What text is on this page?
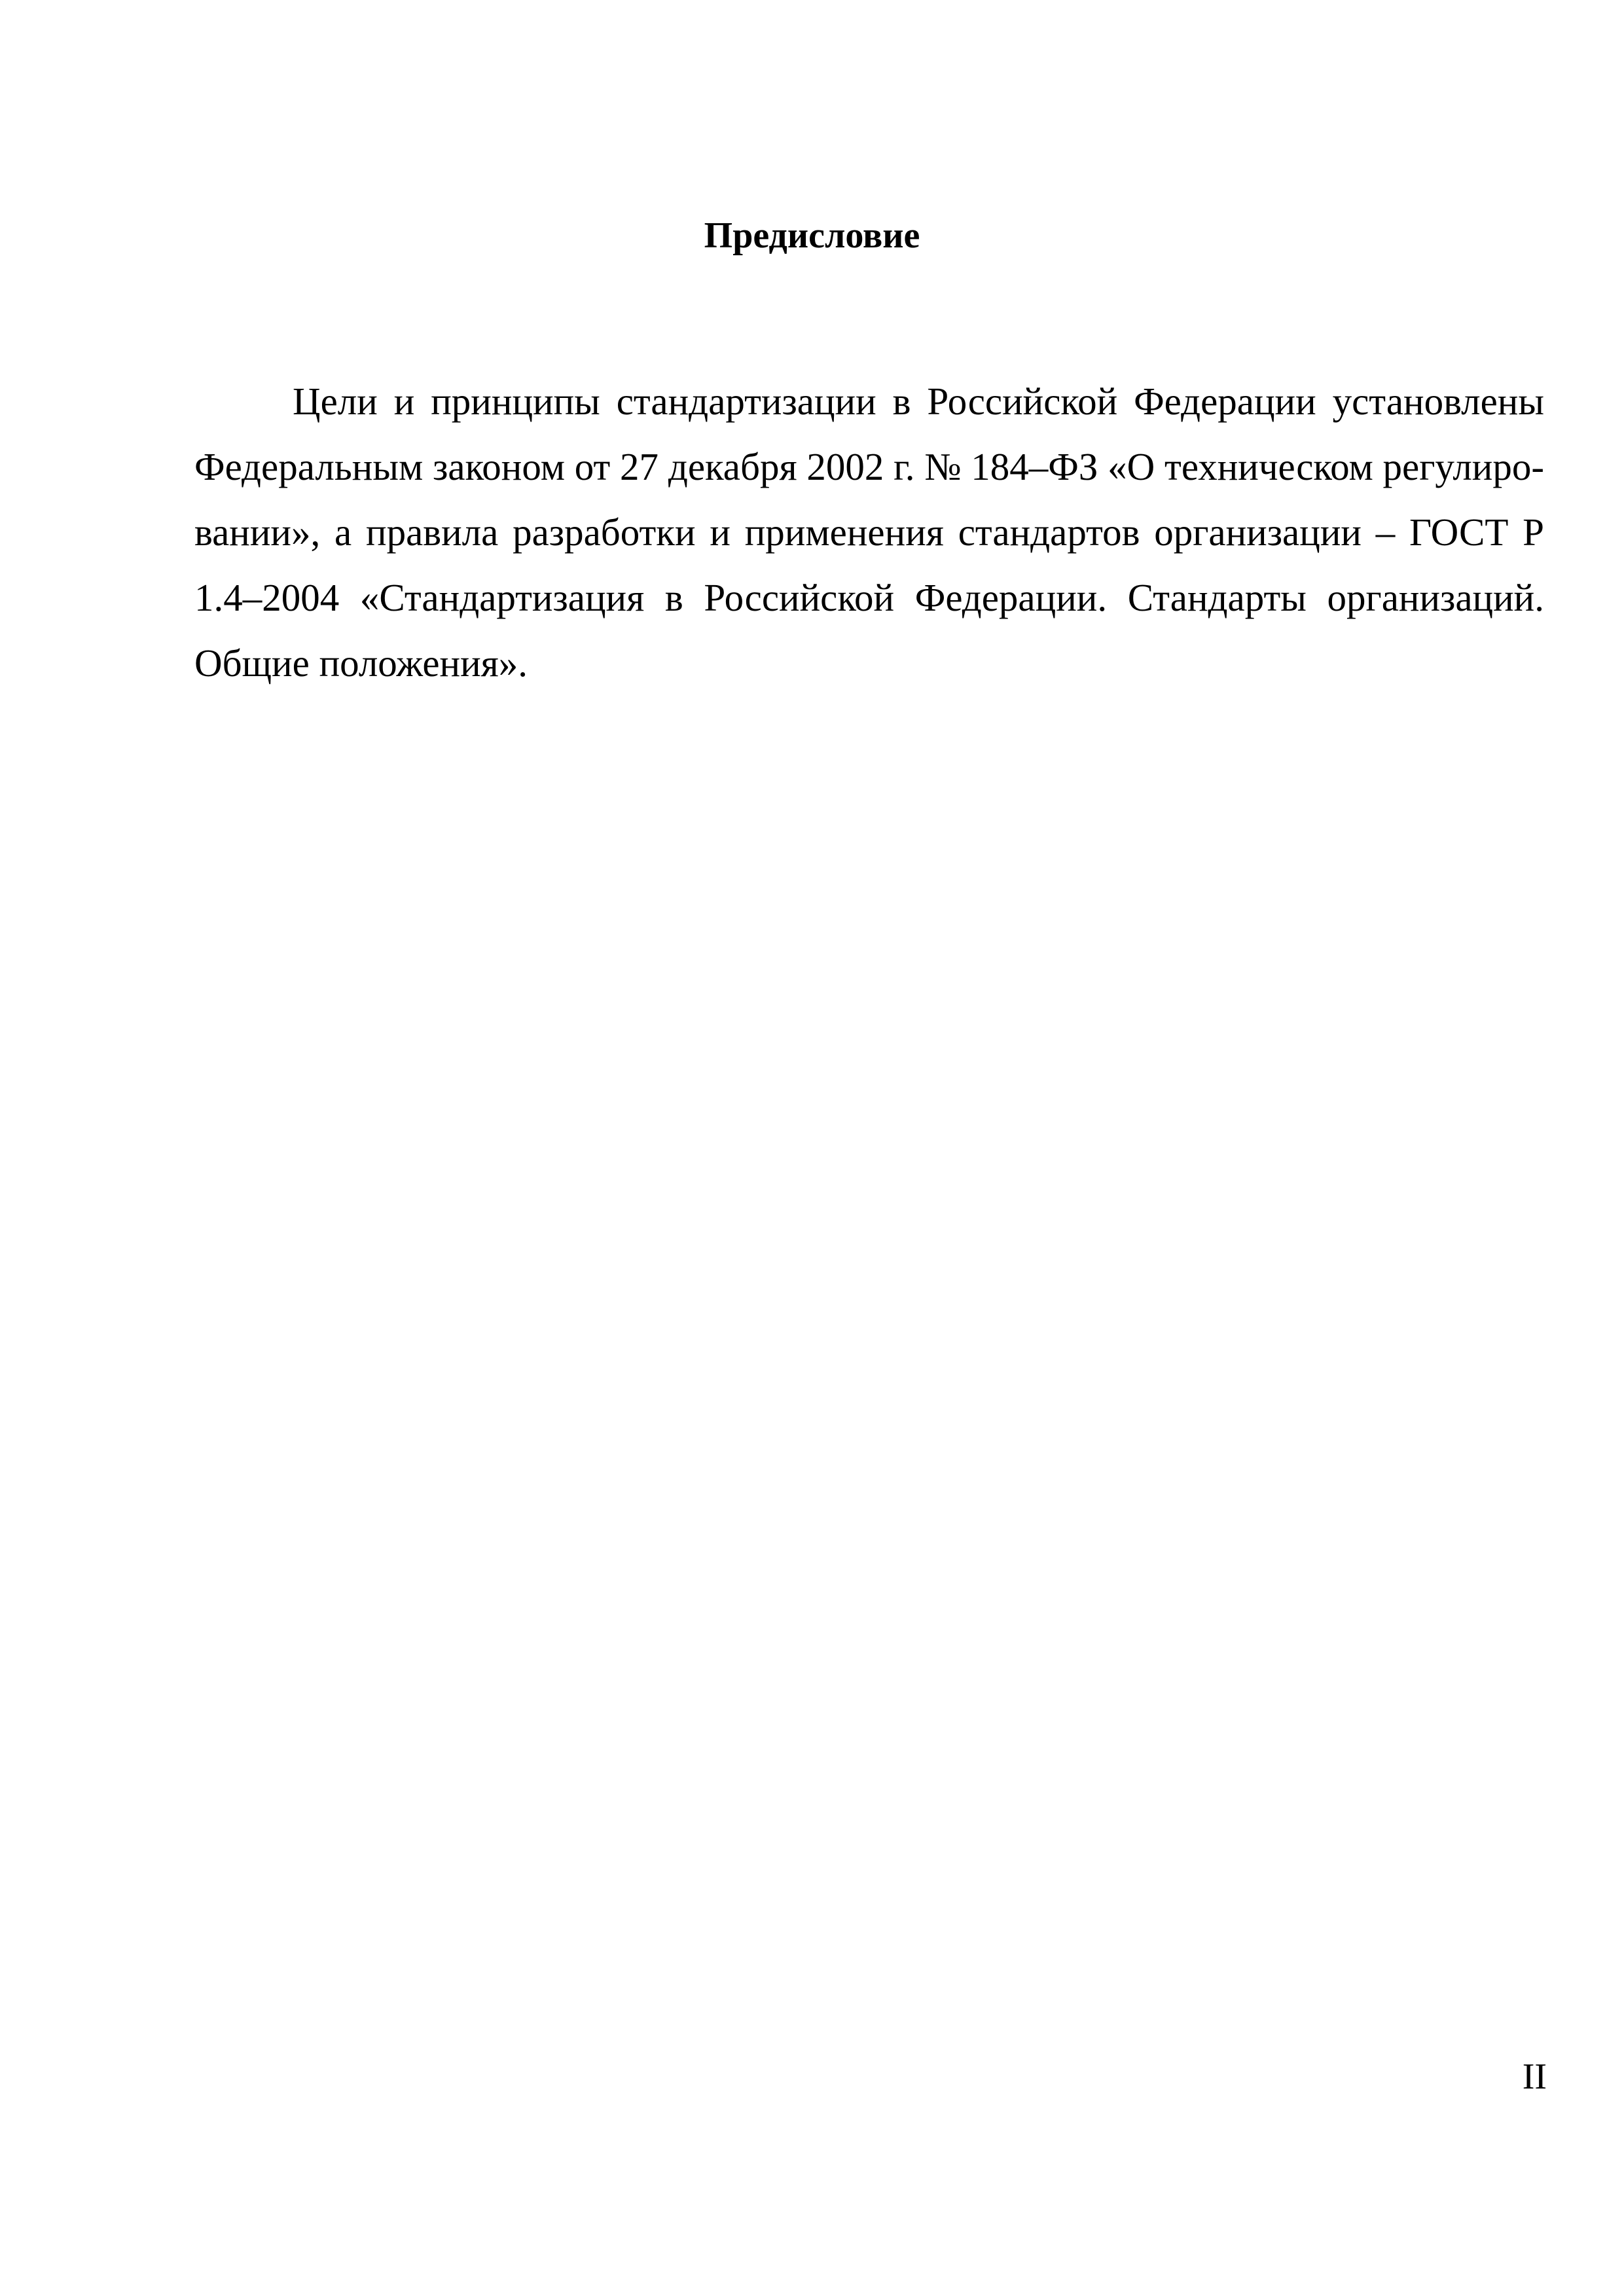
Предисловие
Цели и принципы стандартизации в Российской Федерации установлены
Федеральным законом от 27 декабря 2002 г. № 184–ФЗ «О техническом регулиро-
вании», а правила разработки и применения стандартов организации – ГОСТ Р
1.4–2004 «Стандартизация в Российской Федерации. Стандарты организаций.
Общие положения».
II
